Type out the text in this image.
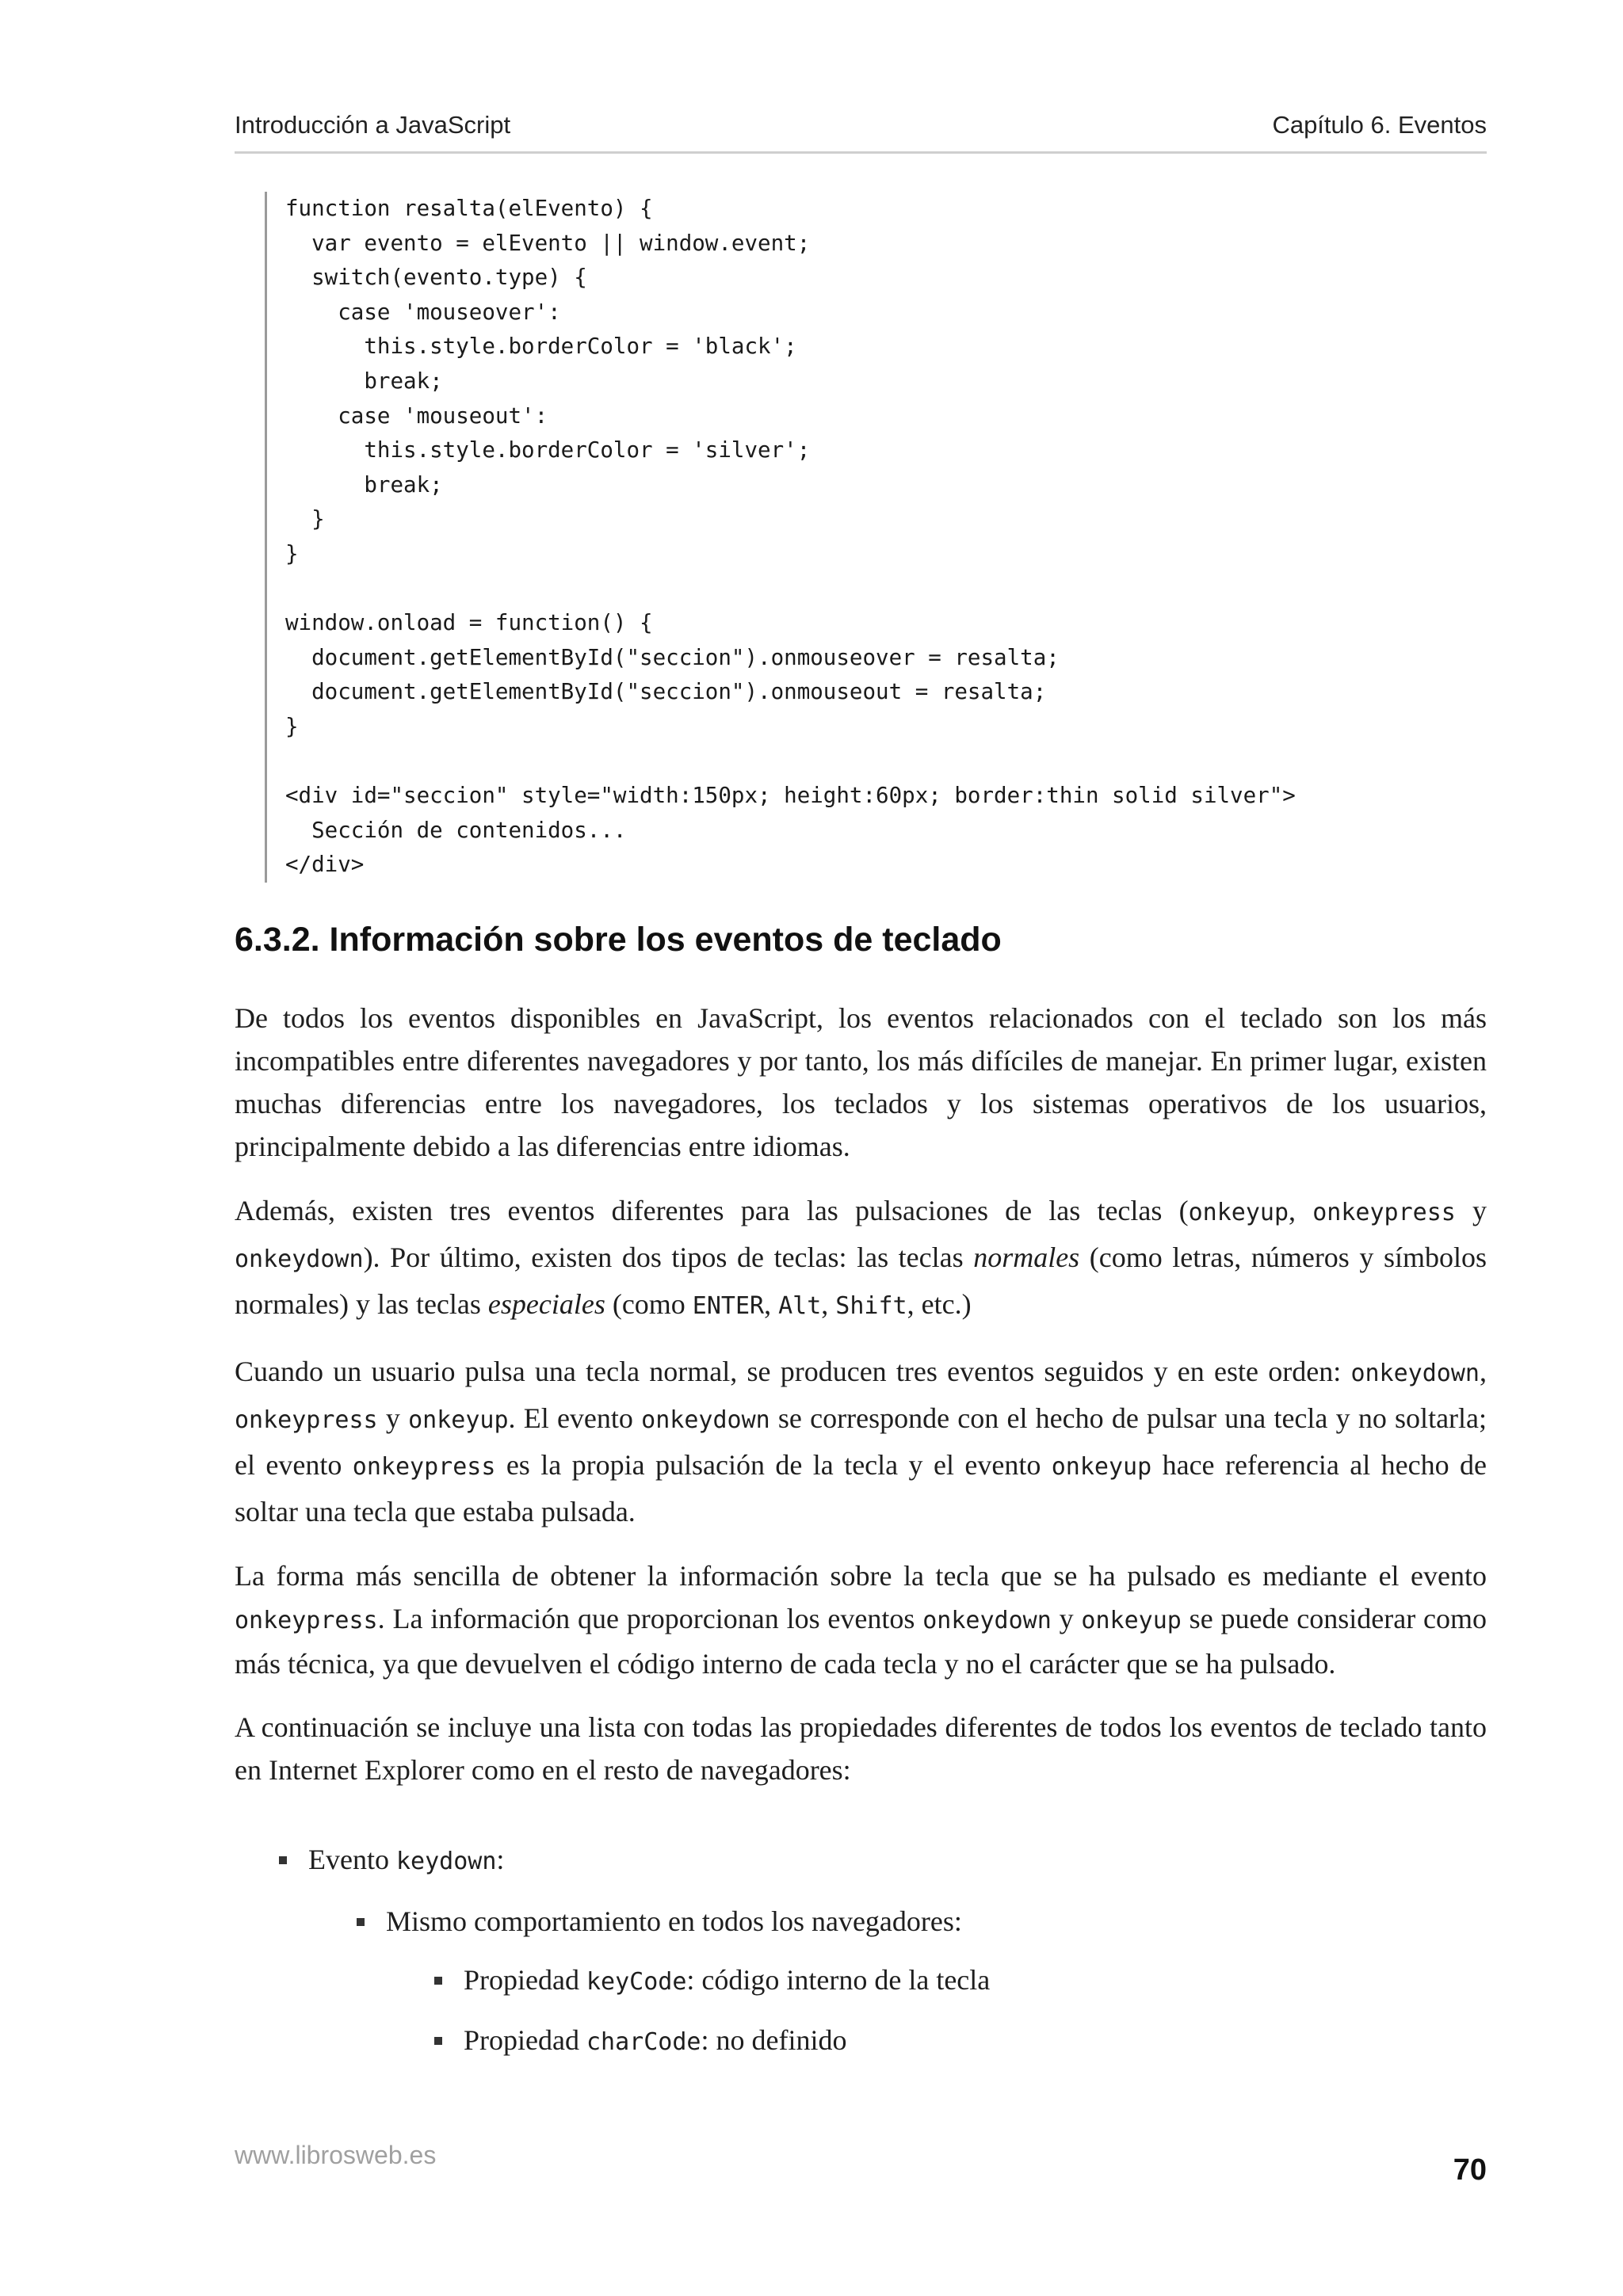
Introducción a JavaScript	Capítulo 6. Eventos
function resalta(elEvento) {
var evento = elEvento || window.event;
switch(evento.type) {
case 'mouseover':
this.style.borderColor = 'black';
break;
case 'mouseout':
this.style.borderColor = 'silver';
break;
}
}
window.onload = function() {
document.getElementById("seccion").onmouseover = resalta;
document.getElementById("seccion").onmouseout = resalta;
}
<div id="seccion" style="width:150px; height:60px; border:thin solid silver">
Sección de contenidos...
</div>
6.3.2. Información sobre los eventos de teclado

De todos los eventos disponibles en JavaScript, los eventos relacionados con el teclado son los más incompatibles entre diferentes navegadores y por tanto, los más difíciles de manejar. En primer lugar, existen muchas diferencias entre los navegadores, los teclados y los sistemas operativos de los usuarios, principalmente debido a las diferencias entre idiomas.

Además, existen tres eventos diferentes para las pulsaciones de las teclas (onkeyup, onkeypress y onkeydown). Por último, existen dos tipos de teclas: las teclas normales (como letras, números y símbolos normales) y las teclas especiales (como ENTER, Alt, Shift, etc.)

Cuando un usuario pulsa una tecla normal, se producen tres eventos seguidos y en este orden: onkeydown, onkeypress y onkeyup. El evento onkeydown se corresponde con el hecho de pulsar una tecla y no soltarla; el evento onkeypress es la propia pulsación de la tecla y el evento onkeyup hace referencia al hecho de soltar una tecla que estaba pulsada.

La forma más sencilla de obtener la información sobre la tecla que se ha pulsado es mediante el evento onkeypress. La información que proporcionan los eventos onkeydown y onkeyup se puede considerar como más técnica, ya que devuelven el código interno de cada tecla y no el carácter que se ha pulsado.

A continuación se incluye una lista con todas las propiedades diferentes de todos los eventos de teclado tanto en Internet Explorer como en el resto de navegadores:

Evento keydown:
Mismo comportamiento en todos los navegadores:
Propiedad keyCode: código interno de la tecla
Propiedad charCode: no definido
www.librosweb.es	70
